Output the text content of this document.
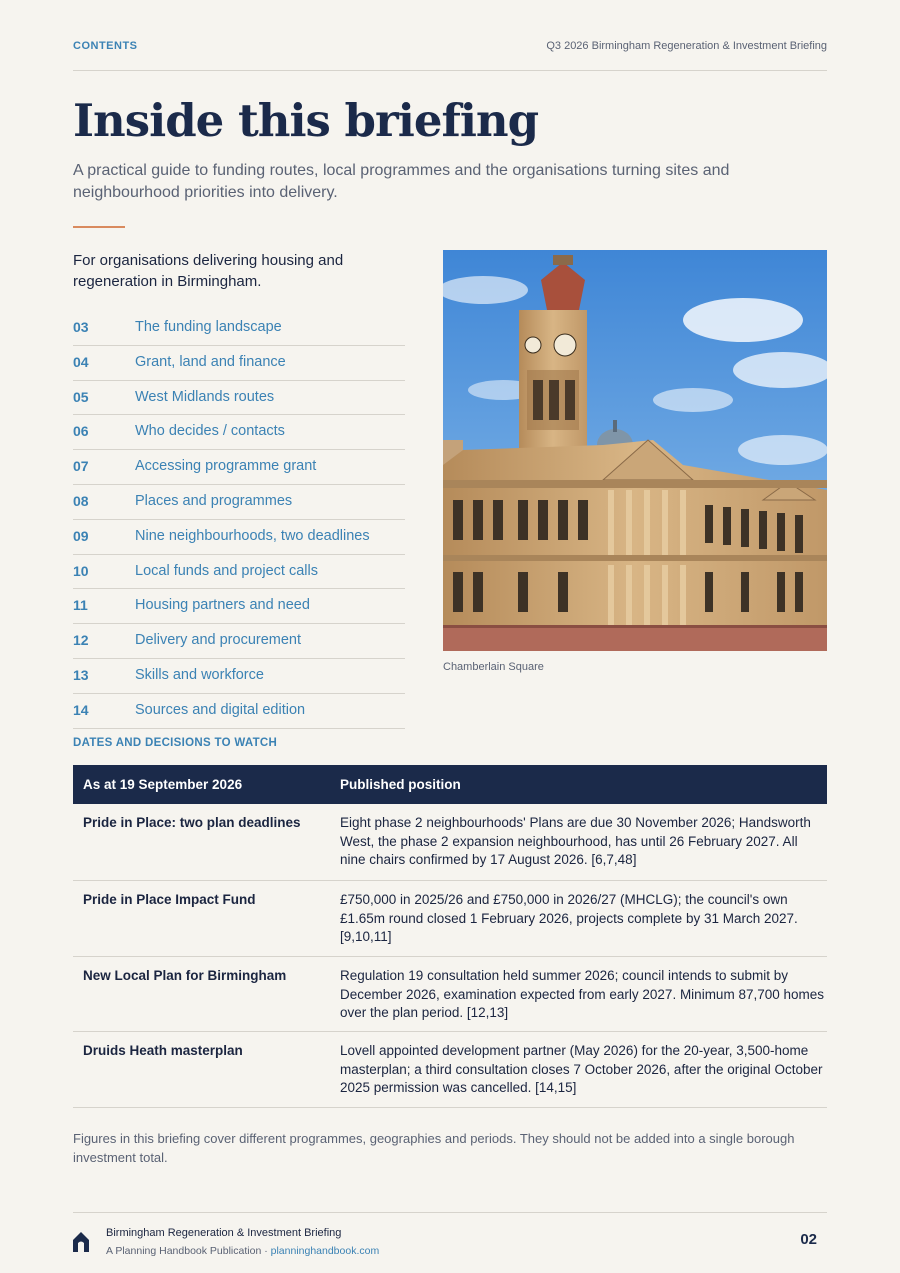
CONTENTS	Q3 2026 Birmingham Regeneration & Investment Briefing
Inside this briefing

A practical guide to funding routes, local programmes and the organisations turning sites and neighbourhood priorities into delivery.

For organisations delivering housing and regeneration in Birmingham.

03	The funding landscape
04	Grant, land and finance
05	West Midlands routes
06	Who decides / contacts
07	Accessing programme grant
08	Places and programmes
09	Nine neighbourhoods, two deadlines
10	Local funds and project calls
11	Housing partners and need
12	Delivery and procurement
13	Skills and workforce
14	Sources and digital edition

Chamberlain Square

DATES AND DECISIONS TO WATCH

As at 19 September 2026	Published position
Pride in Place: two plan deadlines	Eight phase 2 neighbourhoods' Plans are due 30 November 2026; Handsworth West, the phase 2 expansion neighbourhood, has until 26 February 2027. All nine chairs confirmed by 17 August 2026. [6,7,48]
Pride in Place Impact Fund	£750,000 in 2025/26 and £750,000 in 2026/27 (MHCLG); the council's own £1.65m round closed 1 February 2026, projects complete by 31 March 2027. [9,10,11]
New Local Plan for Birmingham	Regulation 19 consultation held summer 2026; council intends to submit by December 2026, examination expected from early 2027. Minimum 87,700 homes over the plan period. [12,13]
Druids Heath masterplan	Lovell appointed development partner (May 2026) for the 20-year, 3,500-home masterplan; a third consultation closes 7 October 2026, after the original October 2025 permission was cancelled. [14,15]

Figures in this briefing cover different programmes, geographies and periods. They should not be added into a single borough investment total.

Birmingham Regeneration & Investment Briefing
A Planning Handbook Publication · planninghandbook.com
02
